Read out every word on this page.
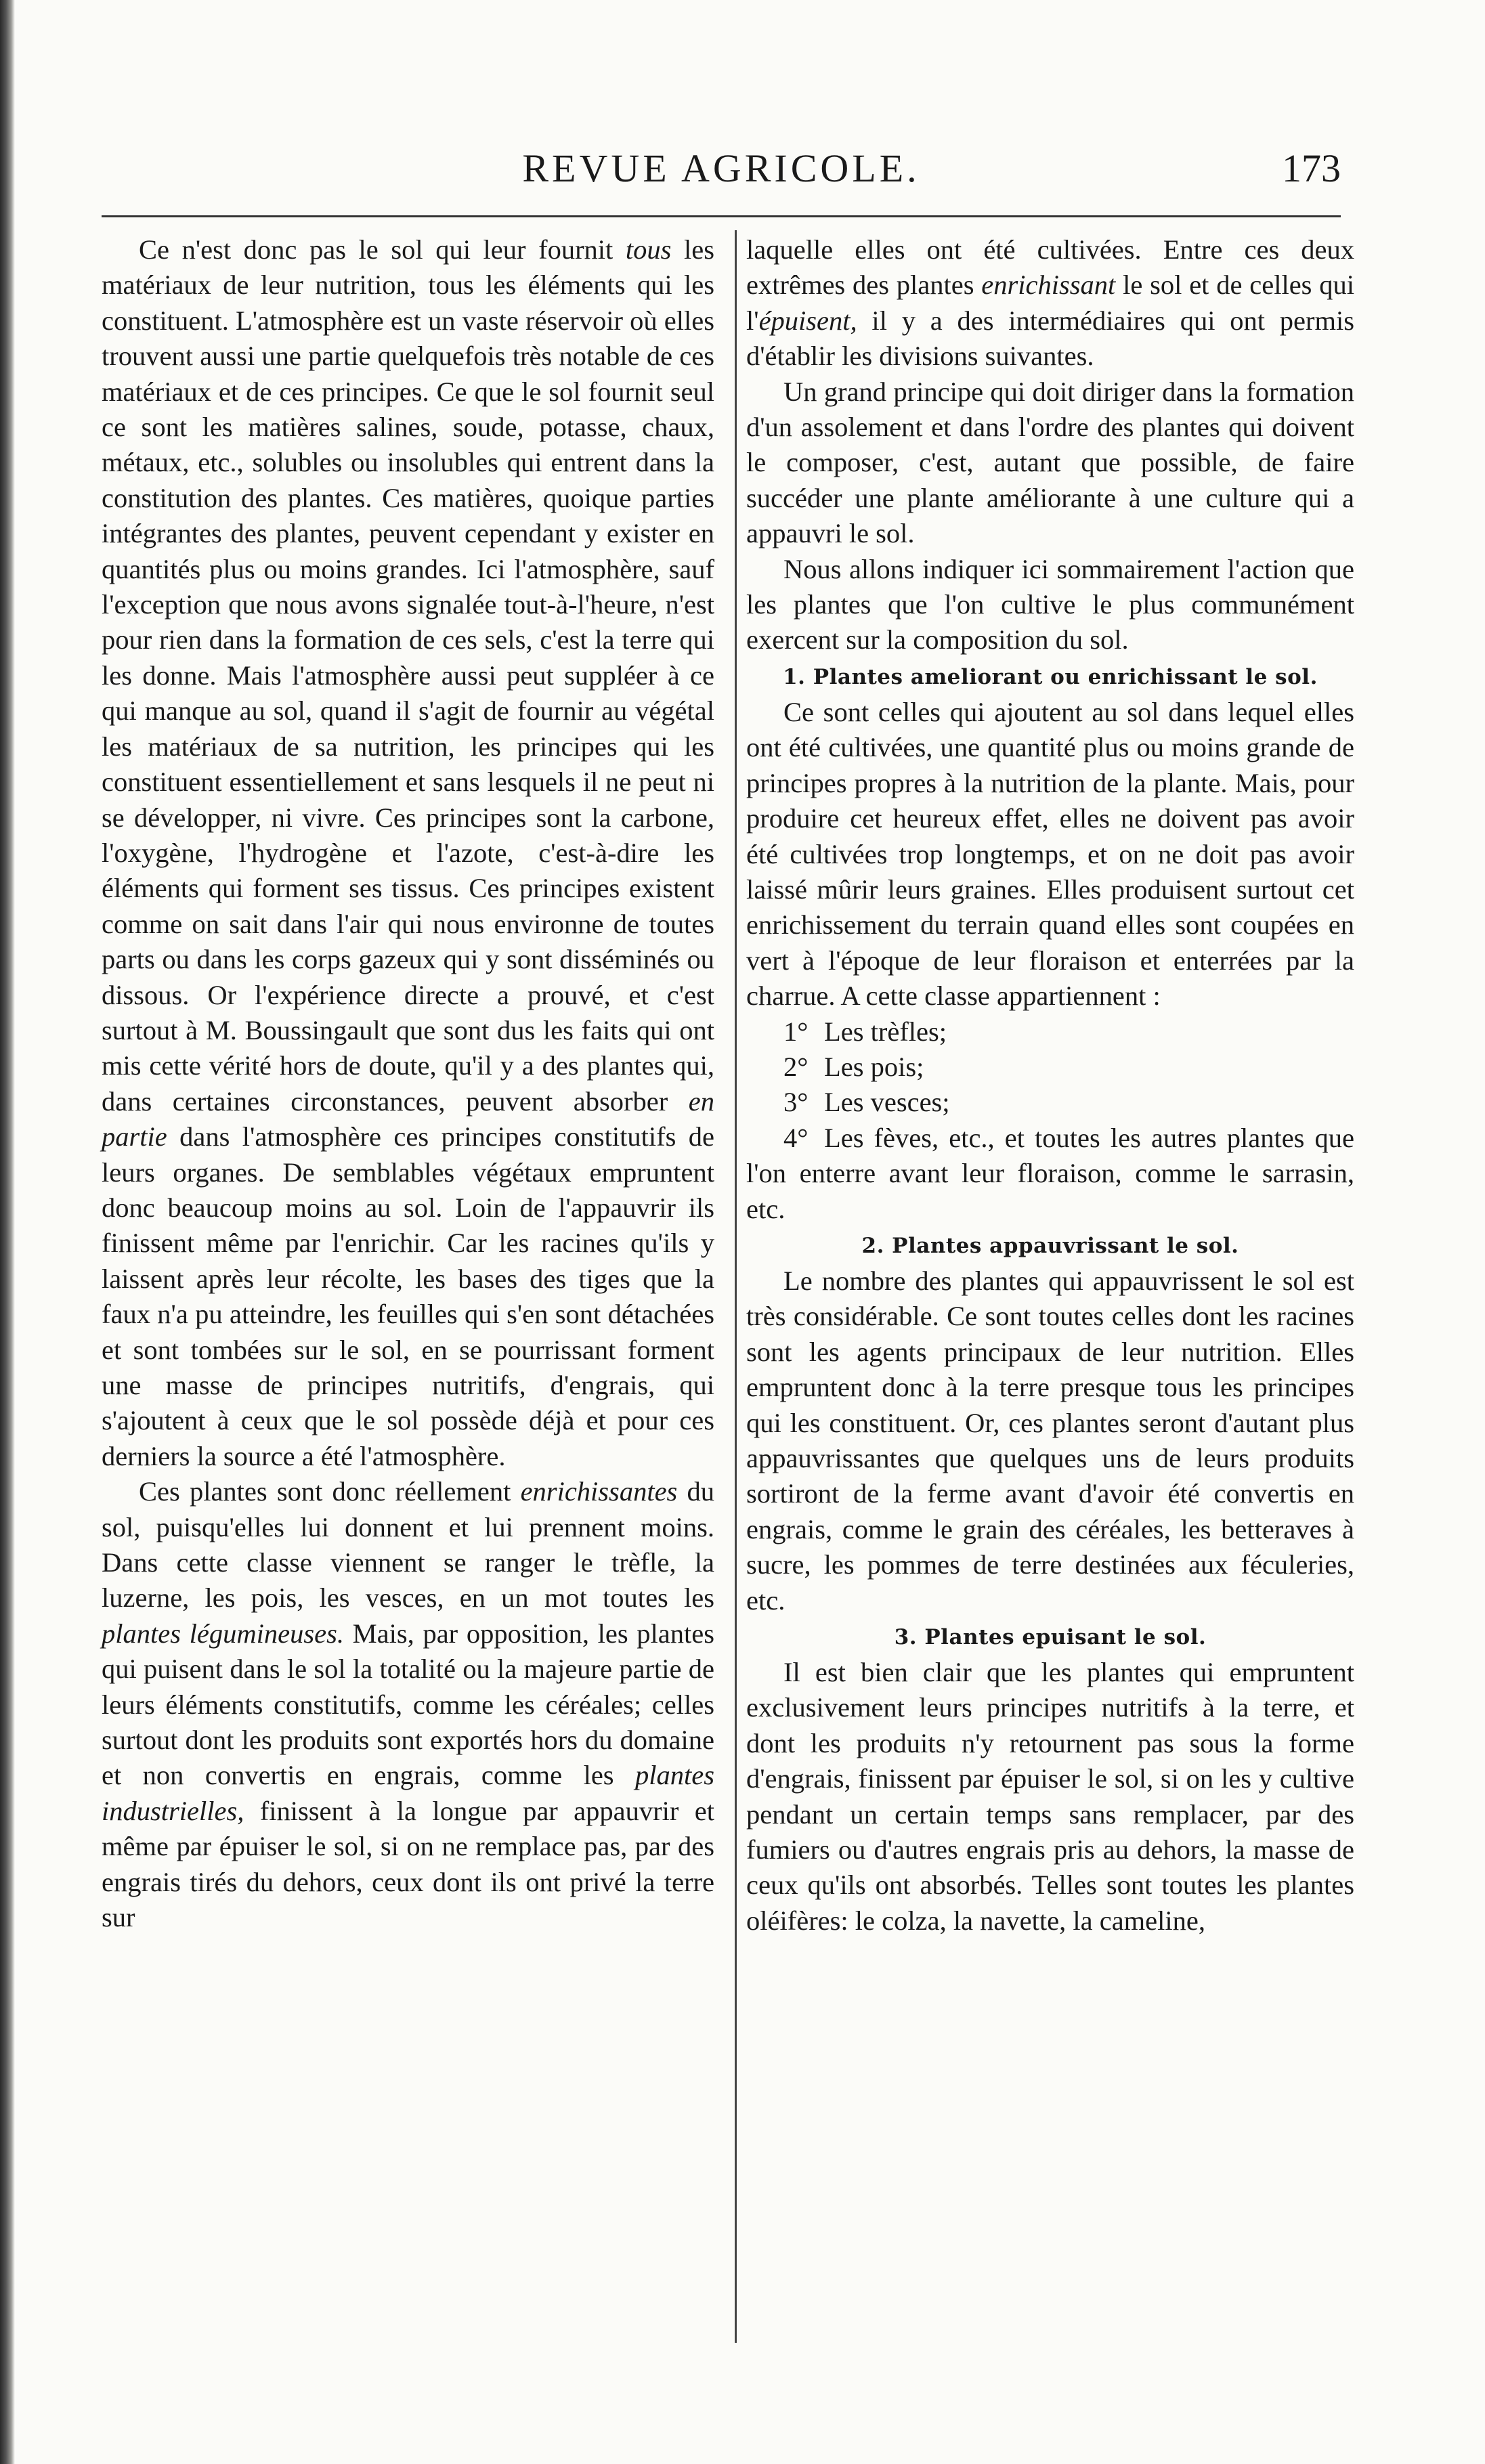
REVUE AGRICOLE.	173

Ce n'est donc pas le sol qui leur fournit tous les matériaux de leur nutrition, tous les éléments qui les constituent. L'atmosphère est un vaste réservoir où elles trouvent aussi une partie quelquefois très notable de ces matériaux et de ces principes. Ce que le sol fournit seul ce sont les matières salines, soude, potasse, chaux, métaux, etc., solubles ou insolubles qui entrent dans la constitution des plantes. Ces matières, quoique parties intégrantes des plantes, peuvent cependant y exister en quantités plus ou moins grandes. Ici l'atmosphère, sauf l'exception que nous avons signalée tout-à-l'heure, n'est pour rien dans la formation de ces sels, c'est la terre qui les donne. Mais l'atmosphère aussi peut suppléer à ce qui manque au sol, quand il s'agit de fournir au végétal les matériaux de sa nutrition, les principes qui les constituent essentiellement et sans lesquels il ne peut ni se développer, ni vivre. Ces principes sont la carbone, l'oxygène, l'hydrogène et l'azote, c'est-à-dire les éléments qui forment ses tissus. Ces principes existent comme on sait dans l'air qui nous environne de toutes parts ou dans les corps gazeux qui y sont disséminés ou dissous. Or l'expérience directe a prouvé, et c'est surtout à M. Boussingault que sont dus les faits qui ont mis cette vérité hors de doute, qu'il y a des plantes qui, dans certaines circonstances, peuvent absorber en partie dans l'atmosphère ces principes constitutifs de leurs organes. De semblables végétaux empruntent donc beaucoup moins au sol. Loin de l'appauvrir ils finissent même par l'enrichir. Car les racines qu'ils y laissent après leur récolte, les bases des tiges que la faux n'a pu atteindre, les feuilles qui s'en sont détachées et sont tombées sur le sol, en se pourrissant forment une masse de principes nutritifs, d'engrais, qui s'ajoutent à ceux que le sol possède déjà et pour ces derniers la source a été l'atmosphère.

Ces plantes sont donc réellement enrichissantes du sol, puisqu'elles lui donnent et lui prennent moins. Dans cette classe viennent se ranger le trèfle, la luzerne, les pois, les vesces, en un mot toutes les plantes légumineuses. Mais, par opposition, les plantes qui puisent dans le sol la totalité ou la majeure partie de leurs éléments constitutifs, comme les céréales; celles surtout dont les produits sont exportés hors du domaine et non convertis en engrais, comme les plantes industrielles, finissent à la longue par appauvrir et même par épuiser le sol, si on ne remplace pas, par des engrais tirés du dehors, ceux dont ils ont privé la terre sur

laquelle elles ont été cultivées. Entre ces deux extrêmes des plantes enrichissant le sol et de celles qui l'épuisent, il y a des intermédiaires qui ont permis d'établir les divisions suivantes.

Un grand principe qui doit diriger dans la formation d'un assolement et dans l'ordre des plantes qui doivent le composer, c'est, autant que possible, de faire succéder une plante améliorante à une culture qui a appauvri le sol.

Nous allons indiquer ici sommairement l'action que les plantes que l'on cultive le plus communément exercent sur la composition du sol.

1. Plantes ameliorant ou enrichissant le sol.

Ce sont celles qui ajoutent au sol dans lequel elles ont été cultivées, une quantité plus ou moins grande de principes propres à la nutrition de la plante. Mais, pour produire cet heureux effet, elles ne doivent pas avoir été cultivées trop longtemps, et on ne doit pas avoir laissé mûrir leurs graines. Elles produisent surtout cet enrichissement du terrain quand elles sont coupées en vert à l'époque de leur floraison et enterrées par la charrue. A cette classe appartiennent :

1° Les trèfles;
2° Les pois;
3° Les vesces;

4° Les fèves, etc., et toutes les autres plantes que l'on enterre avant leur floraison, comme le sarrasin, etc.

2. Plantes appauvrissant le sol.

Le nombre des plantes qui appauvrissent le sol est très considérable. Ce sont toutes celles dont les racines sont les agents principaux de leur nutrition. Elles empruntent donc à la terre presque tous les principes qui les constituent. Or, ces plantes seront d'autant plus appauvrissantes que quelques uns de leurs produits sortiront de la ferme avant d'avoir été convertis en engrais, comme le grain des céréales, les betteraves à sucre, les pommes de terre destinées aux féculeries, etc.

3. Plantes epuisant le sol.

Il est bien clair que les plantes qui empruntent exclusivement leurs principes nutritifs à la terre, et dont les produits n'y retournent pas sous la forme d'engrais, finissent par épuiser le sol, si on les y cultive pendant un certain temps sans remplacer, par des fumiers ou d'autres engrais pris au dehors, la masse de ceux qu'ils ont absorbés. Telles sont toutes les plantes oléifères: le colza, la navette, la cameline,
